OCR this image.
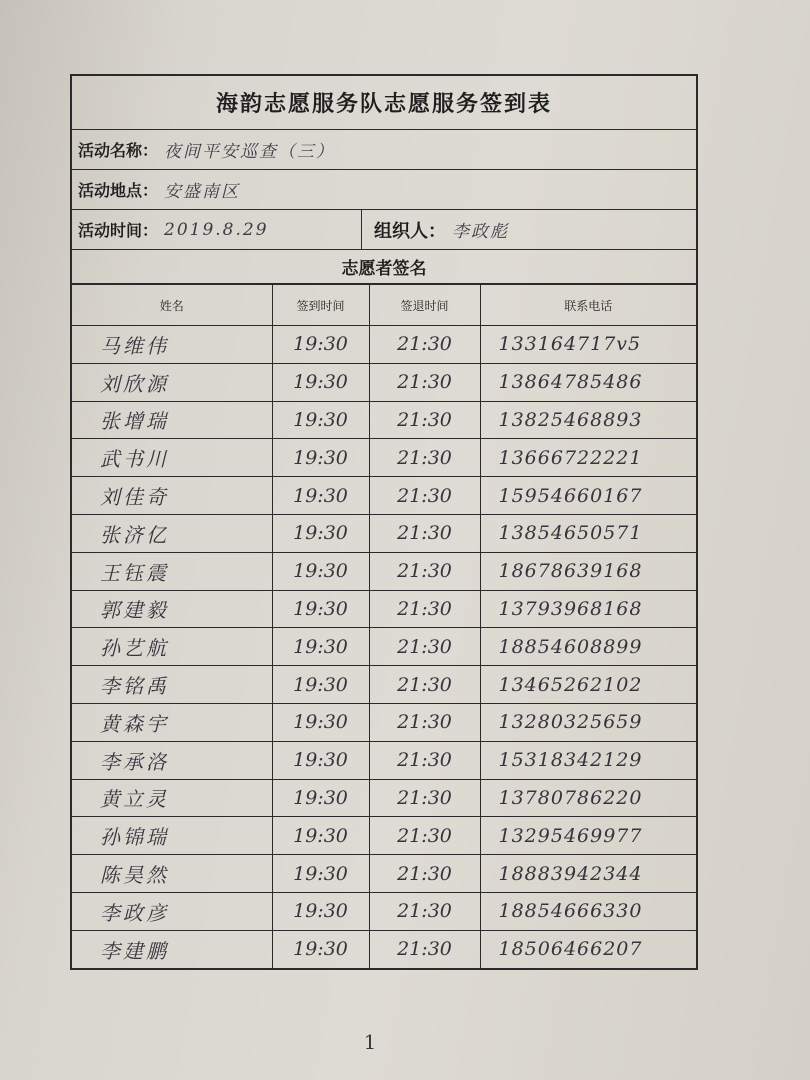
海韵志愿服务队志愿服务签到表
活动名称： 夜间平安巡查（三）
活动地点： 安盛南区
活动时间： 2019.8.29	组织人： 李政彪
志愿者签名
姓名	签到时间	签退时间	联系电话
马维伟	19:30	21:30	133164717ⅴ5
刘欣源	19:30	21:30	13864785486
张增瑞	19:30	21:30	13825468893
武书川	19:30	21:30	13666722221
刘佳奇	19:30	21:30	15954660167
张济亿	19:30	21:30	13854650571
王钰震	19:30	21:30	18678639168
郭建毅	19:30	21:30	13793968168
孙艺航	19:30	21:30	18854608899
李铭禹	19:30	21:30	13465262102
黄森宇	19:30	21:30	13280325659
李承洛	19:30	21:30	15318342129
黄立灵	19:30	21:30	13780786220
孙锦瑞	19:30	21:30	13295469977
陈昊然	19:30	21:30	18883942344
李政彦	19:30	21:30	18854666330
李建鹏	19:30	21:30	18506466207
1
